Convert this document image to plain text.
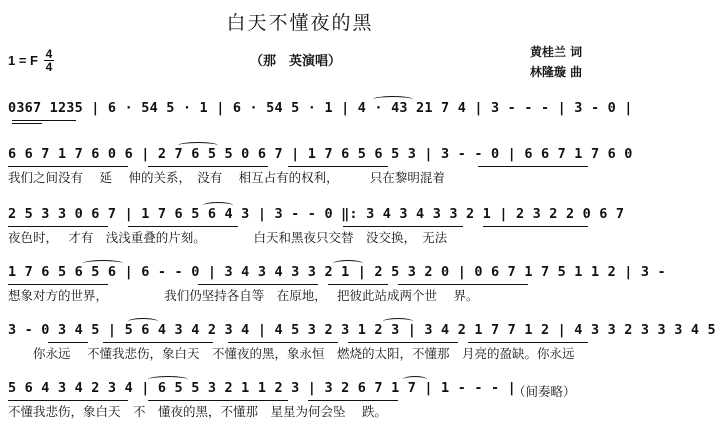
白天不懂夜的黑
1 = F $\frac{4}{4}$	（那　英演唱）
黄桂兰 词
林隆璇 曲
0367 1235 | 6 · 54 5 · 1 | 6 · 54 5 · 1 | 4 · 43 21 7 4 | 3 - - - | 3 - 0 |
6 6 7 1 7 6 0 6 | 2 7 6 5 5 0 6 7 | 1 7 6 5 6 5 3 | 3 - - 0 | 6 6 7 1 7 6 0
我们之间没有　 延　 伸的关系，　没有　 相互占有的权利，　　　只在黎明混着
2 5 3 3 0 6 7 | 1 7 6 5 6 4 3 | 3 - - 0 ‖: 3 4 3 4 3 3 2 1 | 2 3 2 2 0 6 7
夜色时，　 才有　浅浅重叠的片刻。　　　　 白天和黑夜只交替　没交换，　无法
1 7 6 5 6 5 6 | 6 - - 0 | 3 4 3 4 3 3 2 1 | 2 5 3 2 0 | 0 6 7 1 7 5 1 1 2 | 3 -
想象对方的世界，　　　　　我们仍坚持各自等　在原地，　 把彼此站成两个世　 界。
3 - 0 3 4 5 | 5 6 4 3 4 2 3 4 | 4 5 3 2 3 1 2 3 | 3 4 2 1 7 7 1 2 | 4 3 3 2 3 3 3 4 5
　　你永远　 不懂我悲伤，象白天　不懂夜的黑，象永恒　燃烧的太阳，不懂那　月亮的盈缺。你永远
5 6 4 3 4 2 3 4 | 6 5 5 3 2 1 1 2 3 | 3 2 6 7 1 7 | 1 - - - |
不懂我悲伤，象白天　不　懂夜的黑，不懂那　星星为何会坠　 跌。
（间奏略）
